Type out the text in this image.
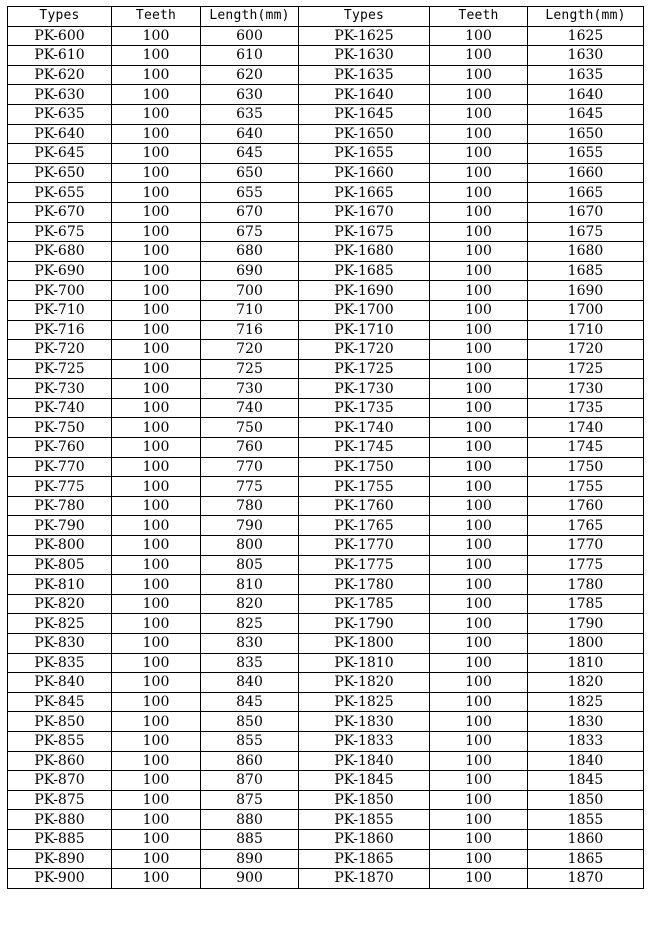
Types	Teeth	Length(mm)	Types	Teeth	Length(mm)
PK-600	100	600	PK-1625	100	1625
PK-610	100	610	PK-1630	100	1630
PK-620	100	620	PK-1635	100	1635
PK-630	100	630	PK-1640	100	1640
PK-635	100	635	PK-1645	100	1645
PK-640	100	640	PK-1650	100	1650
PK-645	100	645	PK-1655	100	1655
PK-650	100	650	PK-1660	100	1660
PK-655	100	655	PK-1665	100	1665
PK-670	100	670	PK-1670	100	1670
PK-675	100	675	PK-1675	100	1675
PK-680	100	680	PK-1680	100	1680
PK-690	100	690	PK-1685	100	1685
PK-700	100	700	PK-1690	100	1690
PK-710	100	710	PK-1700	100	1700
PK-716	100	716	PK-1710	100	1710
PK-720	100	720	PK-1720	100	1720
PK-725	100	725	PK-1725	100	1725
PK-730	100	730	PK-1730	100	1730
PK-740	100	740	PK-1735	100	1735
PK-750	100	750	PK-1740	100	1740
PK-760	100	760	PK-1745	100	1745
PK-770	100	770	PK-1750	100	1750
PK-775	100	775	PK-1755	100	1755
PK-780	100	780	PK-1760	100	1760
PK-790	100	790	PK-1765	100	1765
PK-800	100	800	PK-1770	100	1770
PK-805	100	805	PK-1775	100	1775
PK-810	100	810	PK-1780	100	1780
PK-820	100	820	PK-1785	100	1785
PK-825	100	825	PK-1790	100	1790
PK-830	100	830	PK-1800	100	1800
PK-835	100	835	PK-1810	100	1810
PK-840	100	840	PK-1820	100	1820
PK-845	100	845	PK-1825	100	1825
PK-850	100	850	PK-1830	100	1830
PK-855	100	855	PK-1833	100	1833
PK-860	100	860	PK-1840	100	1840
PK-870	100	870	PK-1845	100	1845
PK-875	100	875	PK-1850	100	1850
PK-880	100	880	PK-1855	100	1855
PK-885	100	885	PK-1860	100	1860
PK-890	100	890	PK-1865	100	1865
PK-900	100	900	PK-1870	100	1870
